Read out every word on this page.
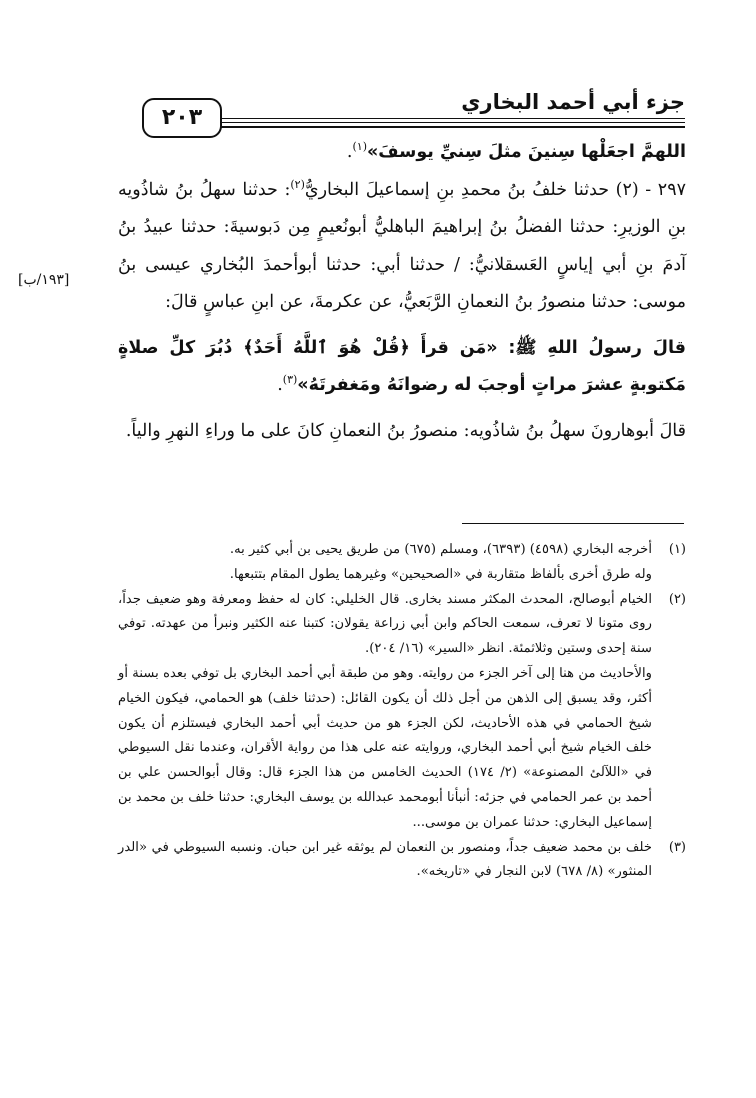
جزء أبي أحمد البخاري
٢٠٣

اللهمَّ اجعَلْها سِنينَ مثلَ سِنيِّ يوسفَ»$^{(١)}$.

٢٩٧ - (٢) حدثنا خلفُ بنُ محمدِ بنِ إسماعيلَ البخاريُّ$^{(٢)}$: حدثنا سهلُ بنُ شاذُويه بنِ الوزيرِ: حدثنا الفضلُ بنُ إبراهيمَ الباهليُّ أبونُعيمٍ مِن دَبوسيةَ: حدثنا عبيدُ بنُ آدمَ بنِ أبي إياسٍ العَسقلانيُّ: / حدثنا أبي: حدثنا أبوأحمدَ البُخاري عيسى بنُ موسى: حدثنا منصورُ بنُ النعمانِ الرَّبَعيُّ، عن عكرمةَ، عن ابنِ عباسٍ قالَ:

قالَ رسولُ اللهِ ﷺ: «مَن قرأَ ﴿قُلْ هُوَ ٱللَّهُ أَحَدٌ﴾ دُبُرَ كلِّ صلاةٍ مَكتوبةٍ عشرَ مراتٍ أوجبَ له رضوانَهُ ومَغفرتَهُ»$^{(٣)}$.

قالَ أبوهارونَ سهلُ بنُ شاذُويه: منصورُ بنُ النعمانِ كانَ على ما وراءِ النهرِ والياً.

[١٩٣/ب]
(١)

أخرجه البخاري (٤٥٩٨) (٦٣٩٣)، ومسلم (٦٧٥) من طريق يحيى بن أبي كثير به.

وله طرق أخرى بألفاظ متقاربة في «الصحيحين» وغيرهما يطول المقام بتتبعها.

(٢)

الخيام أبوصالح، المحدث المكثر مسند بخارى. قال الخليلي: كان له حفظ ومعرفة وهو ضعيف جداً، روى متونا لا تعرف، سمعت الحاكم وابن أبي زراعة يقولان: كتبنا عنه الكثير ونبرأ من عهدته. توفي سنة إحدى وستين وثلاثمئة. انظر «السير» (١٦/ ٢٠٤).

والأحاديث من هنا إلى آخر الجزء من روايته. وهو من طبقة أبي أحمد البخاري بل توفي بعده بسنة أو أكثر، وقد يسبق إلى الذهن من أجل ذلك أن يكون القائل: (حدثنا خلف) هو الحمامي، فيكون الخيام شيخ الحمامي في هذه الأحاديث، لكن الجزء هو من حديث أبي أحمد البخاري فيستلزم أن يكون خلف الخيام شيخ أبي أحمد البخاري، وروايته عنه على هذا من رواية الأقران، وعندما نقل السيوطي في «اللآلئ المصنوعة» (٢/ ١٧٤) الحديث الخامس من هذا الجزء قال: وقال أبوالحسن علي بن أحمد بن عمر الحمامي في جزئه: أنبأنا أبومحمد عبدالله بن يوسف البخاري: حدثنا خلف بن محمد بن إسماعيل البخاري: حدثنا عمران بن موسى...

(٣)

خلف بن محمد ضعيف جداً، ومنصور بن النعمان لم يوثقه غير ابن حبان. ونسبه السيوطي في «الدر المنثور» (٨/ ٦٧٨) لابن النجار في «تاريخه».
